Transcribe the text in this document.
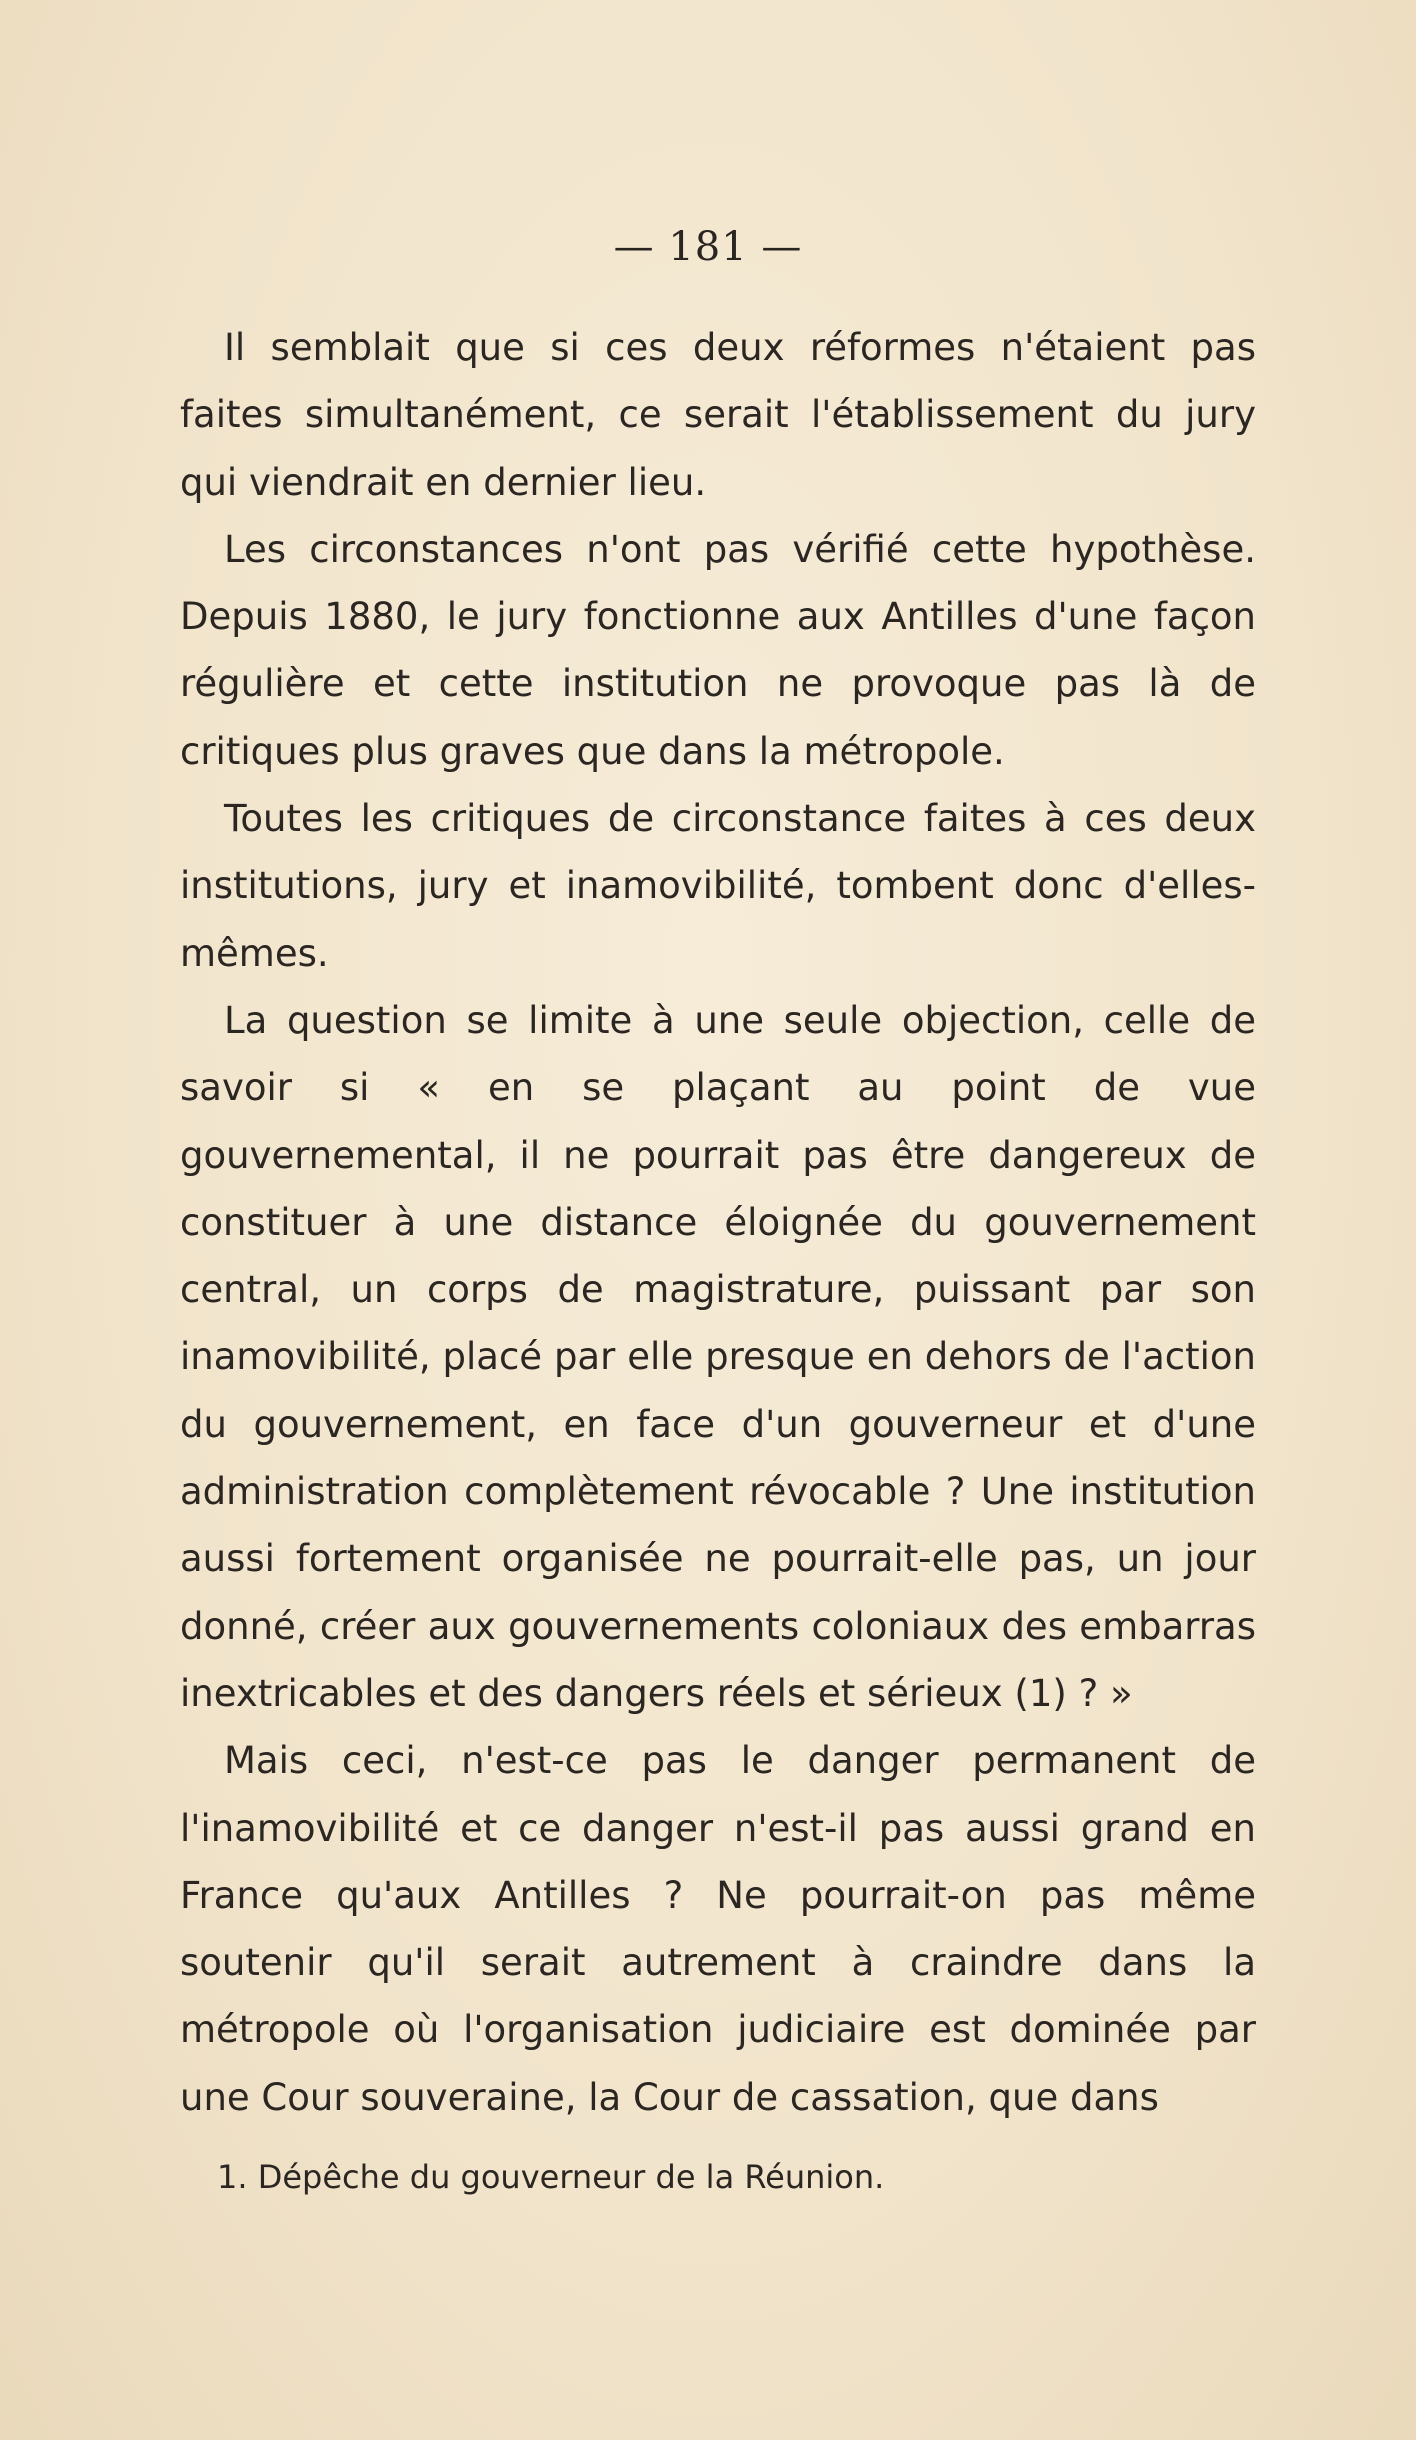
— 181 —

Il semblait que si ces deux réformes n'étaient pas faites simultanément, ce serait l'établissement du jury qui viendrait en dernier lieu.

Les circonstances n'ont pas vérifié cette hypothèse. Depuis 1880, le jury fonctionne aux Antilles d'une façon régulière et cette institution ne provoque pas là de critiques plus graves que dans la métropole.

Toutes les critiques de circonstance faites à ces deux institutions, jury et inamovibilité, tombent donc d'elles-mêmes.

La question se limite à une seule objection, celle de savoir si « en se plaçant au point de vue gouvernemental, il ne pourrait pas être dangereux de constituer à une distance éloignée du gouvernement central, un corps de magistrature, puissant par son inamovibilité, placé par elle presque en dehors de l'action du gouvernement, en face d'un gouverneur et d'une administration complètement révocable ? Une institution aussi fortement organisée ne pourrait-elle pas, un jour donné, créer aux gouvernements coloniaux des embarras inextricables et des dangers réels et sérieux (1) ? »

Mais ceci, n'est-ce pas le danger permanent de l'inamovibilité et ce danger n'est-il pas aussi grand en France qu'aux Antilles ? Ne pourrait-on pas même soutenir qu'il serait autrement à craindre dans la métropole où l'organisation judiciaire est dominée par une Cour souveraine, la Cour de cassation, que dans

1. Dépêche du gouverneur de la Réunion.
